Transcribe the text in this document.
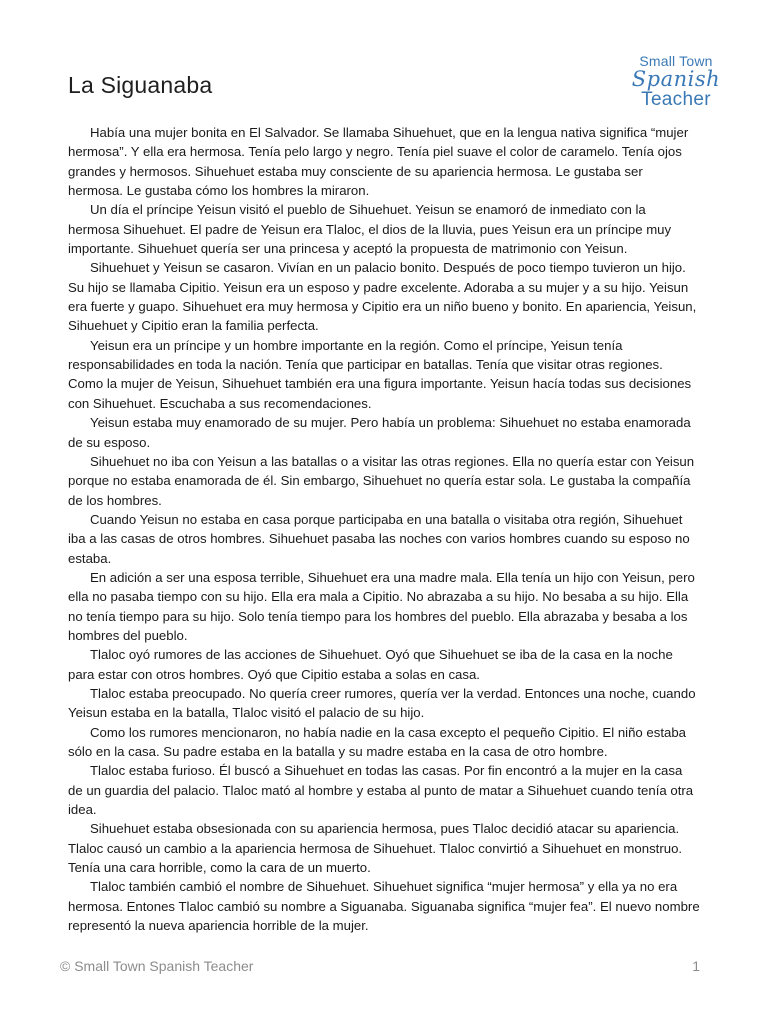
La Siguanaba
Small Town
Spanish
Teacher

Había una mujer bonita en El Salvador. Se llamaba Sihuehuet, que en la lengua nativa significa “mujer hermosa”. Y ella era hermosa. Tenía pelo largo y negro. Tenía piel suave el color de caramelo. Tenía ojos grandes y hermosos. Sihuehuet estaba muy consciente de su apariencia hermosa. Le gustaba ser hermosa. Le gustaba cómo los hombres la miraron.

Un día el príncipe Yeisun visitó el pueblo de Sihuehuet. Yeisun se enamoró de inmediato con la hermosa Sihuehuet. El padre de Yeisun era Tlaloc, el dios de la lluvia, pues Yeisun era un príncipe muy importante. Sihuehuet quería ser una princesa y aceptó la propuesta de matrimonio con Yeisun.

Sihuehuet y Yeisun se casaron. Vivían en un palacio bonito. Después de poco tiempo tuvieron un hijo. Su hijo se llamaba Cipitio. Yeisun era un esposo y padre excelente. Adoraba a su mujer y a su hijo. Yeisun era fuerte y guapo. Sihuehuet era muy hermosa y Cipitio era un niño bueno y bonito. En apariencia, Yeisun, Sihuehuet y Cipitio eran la familia perfecta.

Yeisun era un príncipe y un hombre importante en la región. Como el príncipe, Yeisun tenía responsabilidades en toda la nación. Tenía que participar en batallas. Tenía que visitar otras regiones. Como la mujer de Yeisun, Sihuehuet también era una figura importante. Yeisun hacía todas sus decisiones con Sihuehuet. Escuchaba a sus recomendaciones.

Yeisun estaba muy enamorado de su mujer. Pero había un problema: Sihuehuet no estaba enamorada de su esposo.

Sihuehuet no iba con Yeisun a las batallas o a visitar las otras regiones. Ella no quería estar con Yeisun porque no estaba enamorada de él. Sin embargo, Sihuehuet no quería estar sola. Le gustaba la compañía de los hombres.

Cuando Yeisun no estaba en casa porque participaba en una batalla o visitaba otra región, Sihuehuet iba a las casas de otros hombres. Sihuehuet pasaba las noches con varios hombres cuando su esposo no estaba.

En adición a ser una esposa terrible, Sihuehuet era una madre mala. Ella tenía un hijo con Yeisun, pero ella no pasaba tiempo con su hijo. Ella era mala a Cipitio. No abrazaba a su hijo. No besaba a su hijo. Ella no tenía tiempo para su hijo. Solo tenía tiempo para los hombres del pueblo. Ella abrazaba y besaba a los hombres del pueblo.

Tlaloc oyó rumores de las acciones de Sihuehuet. Oyó que Sihuehuet se iba de la casa en la noche para estar con otros hombres. Oyó que Cipitio estaba a solas en casa.

Tlaloc estaba preocupado. No quería creer rumores, quería ver la verdad. Entonces una noche, cuando Yeisun estaba en la batalla, Tlaloc visitó el palacio de su hijo.

Como los rumores mencionaron, no había nadie en la casa excepto el pequeño Cipitio. El niño estaba sólo en la casa. Su padre estaba en la batalla y su madre estaba en la casa de otro hombre.

Tlaloc estaba furioso. Él buscó a Sihuehuet en todas las casas. Por fin encontró a la mujer en la casa de un guardia del palacio. Tlaloc mató al hombre y estaba al punto de matar a Sihuehuet cuando tenía otra idea.

Sihuehuet estaba obsesionada con su apariencia hermosa, pues Tlaloc decidió atacar su apariencia. Tlaloc causó un cambio a la apariencia hermosa de Sihuehuet. Tlaloc convirtió a Sihuehuet en monstruo. Tenía una cara horrible, como la cara de un muerto.

Tlaloc también cambió el nombre de Sihuehuet. Sihuehuet significa “mujer hermosa” y ella ya no era hermosa. Entones Tlaloc cambió su nombre a Siguanaba. Siguanaba significa “mujer fea”. El nuevo nombre representó la nueva apariencia horrible de la mujer.

© Small Town Spanish Teacher	1
